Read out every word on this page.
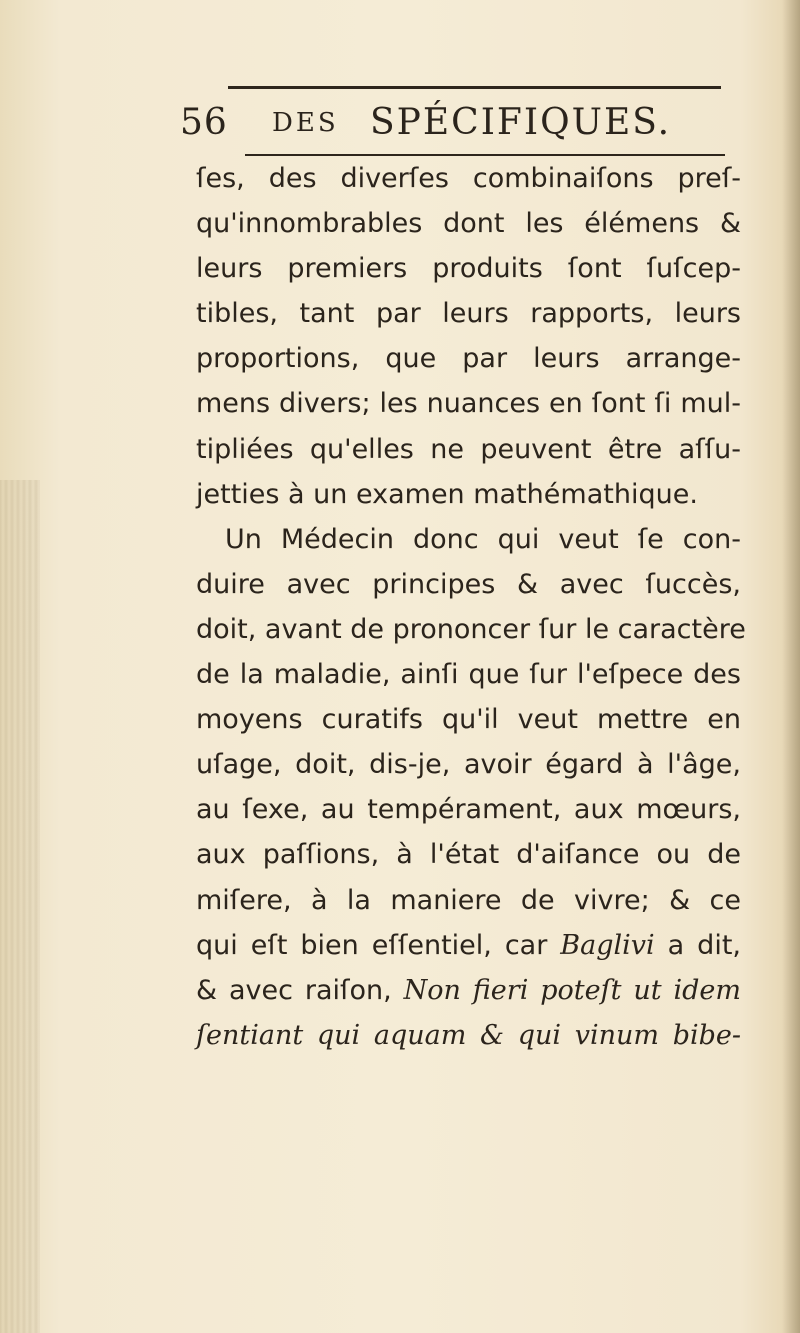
56 DES SPÉCIFIQUES.
ſes, des diverſes combinaiſons preſ-
qu'innombrables dont les élémens &
leurs premiers produits ſont ſuſcep-
tibles, tant par leurs rapports, leurs
proportions, que par leurs arrange-
mens divers; les nuances en ſont ſi mul-
tipliées qu'elles ne peuvent être aſſu-
jetties à un examen mathémathique.
Un Médecin donc qui veut ſe con-
duire avec principes & avec ſuccès,
doit, avant de prononcer ſur le caractère
de la maladie, ainſi que ſur l'eſpece des
moyens curatifs qu'il veut mettre en
uſage, doit, dis-je, avoir égard à l'âge,
au ſexe, au tempérament, aux mœurs,
aux paſſions, à l'état d'aiſance ou de
miſere, à la maniere de vivre; & ce
qui eſt bien eſſentiel, car Baglivi a dit,
& avec raiſon, Non fieri poteſt ut idem
ſentiant qui aquam & qui vinum bibe-
